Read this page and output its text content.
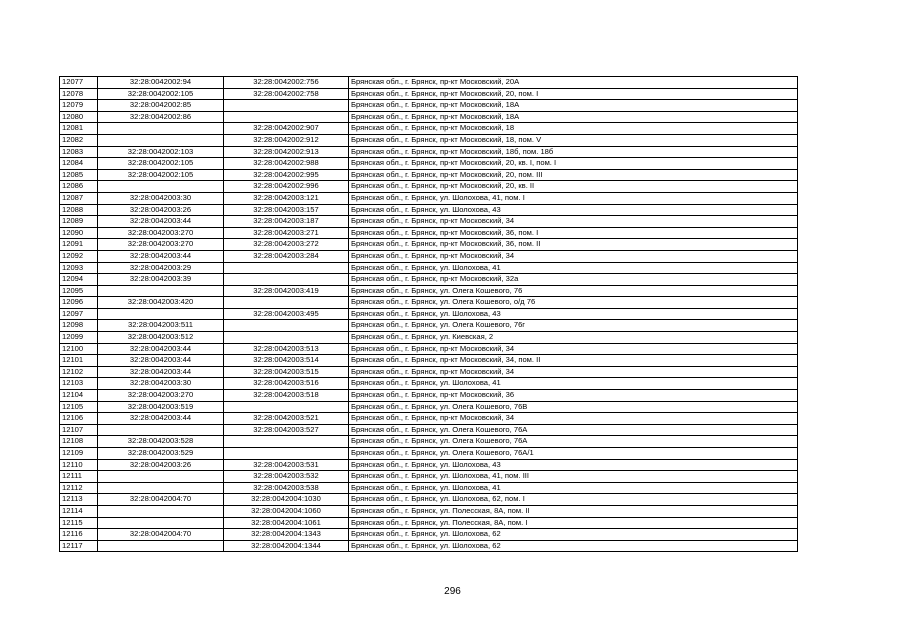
12077	32:28:0042002:94	32:28:0042002:756	Брянская обл., г. Брянск, пр-кт Московский, 20А
12078	32:28:0042002:105	32:28:0042002:758	Брянская обл., г. Брянск, пр-кт Московский, 20, пом. I
12079	32:28:0042002:85		Брянская обл., г. Брянск, пр-кт Московский, 18А
12080	32:28:0042002:86		Брянская обл., г. Брянск, пр-кт Московский, 18А
12081		32:28:0042002:907	Брянская обл., г. Брянск, пр-кт Московский, 18
12082		32:28:0042002:912	Брянская обл., г. Брянск, пр-кт Московский, 18, пом. V
12083	32:28:0042002:103	32:28:0042002:913	Брянская обл., г. Брянск, пр-кт Московский, 18б, пом. 18б
12084	32:28:0042002:105	32:28:0042002:988	Брянская обл., г. Брянск, пр-кт Московский, 20, кв. I, пом. I
12085	32:28:0042002:105	32:28:0042002:995	Брянская обл., г. Брянск, пр-кт Московский, 20, пом. III
12086		32:28:0042002:996	Брянская обл., г. Брянск, пр-кт Московский, 20, кв. II
12087	32:28:0042003:30	32:28:0042003:121	Брянская обл., г. Брянск, ул. Шолохова, 41, пом. I
12088	32:28:0042003:26	32:28:0042003:157	Брянская обл., г. Брянск, ул. Шолохова, 43
12089	32:28:0042003:44	32:28:0042003:187	Брянская обл., г. Брянск, пр-кт Московский, 34
12090	32:28:0042003:270	32:28:0042003:271	Брянская обл., г. Брянск, пр-кт Московский, 36, пом. I
12091	32:28:0042003:270	32:28:0042003:272	Брянская обл., г. Брянск, пр-кт Московский, 36, пом. II
12092	32:28:0042003:44	32:28:0042003:284	Брянская обл., г. Брянск, пр-кт Московский, 34
12093	32:28:0042003:29		Брянская обл., г. Брянск, ул. Шолохова, 41
12094	32:28:0042003:39		Брянская обл., г. Брянск, пр-кт Московский, 32а
12095		32:28:0042003:419	Брянская обл., г. Брянск, ул. Олега Кошевого, 76
12096	32:28:0042003:420		Брянская обл., г. Брянск, ул. Олега Кошевого, о/д 76
12097		32:28:0042003:495	Брянская обл., г. Брянск, ул. Шолохова, 43
12098	32:28:0042003:511		Брянская обл., г. Брянск, ул. Олега Кошевого, 76г
12099	32:28:0042003:512		Брянская обл., г. Брянск, ул. Киевская, 2
12100	32:28:0042003:44	32:28:0042003:513	Брянская обл., г. Брянск, пр-кт Московский, 34
12101	32:28:0042003:44	32:28:0042003:514	Брянская обл., г. Брянск, пр-кт Московский, 34, пом. II
12102	32:28:0042003:44	32:28:0042003:515	Брянская обл., г. Брянск, пр-кт Московский, 34
12103	32:28:0042003:30	32:28:0042003:516	Брянская обл., г. Брянск, ул. Шолохова, 41
12104	32:28:0042003:270	32:28:0042003:518	Брянская обл., г. Брянск, пр-кт Московский, 36
12105	32:28:0042003:519		Брянская обл., г. Брянск, ул. Олега Кошевого, 76В
12106	32:28:0042003:44	32:28:0042003:521	Брянская обл., г. Брянск, пр-кт Московский, 34
12107		32:28:0042003:527	Брянская обл., г. Брянск, ул. Олега Кошевого, 76А
12108	32:28:0042003:528		Брянская обл., г. Брянск, ул. Олега Кошевого, 76А
12109	32:28:0042003:529		Брянская обл., г. Брянск, ул. Олега Кошевого, 76А/1
12110	32:28:0042003:26	32:28:0042003:531	Брянская обл., г. Брянск, ул. Шолохова, 43
12111		32:28:0042003:532	Брянская обл., г. Брянск, ул. Шолохова, 41, пом. III
12112		32:28:0042003:538	Брянская обл., г. Брянск, ул. Шолохова, 41
12113	32:28:0042004:70	32:28:0042004:1030	Брянская обл., г. Брянск, ул. Шолохова, 62, пом. I
12114		32:28:0042004:1060	Брянская обл., г. Брянск, ул. Полесская, 8А, пом. II
12115		32:28:0042004:1061	Брянская обл., г. Брянск, ул. Полесская, 8А, пом. I
12116	32:28:0042004:70	32:28:0042004:1343	Брянская обл., г. Брянск, ул. Шолохова, 62
12117		32:28:0042004:1344	Брянская обл., г. Брянск, ул. Шолохова, 62
296
